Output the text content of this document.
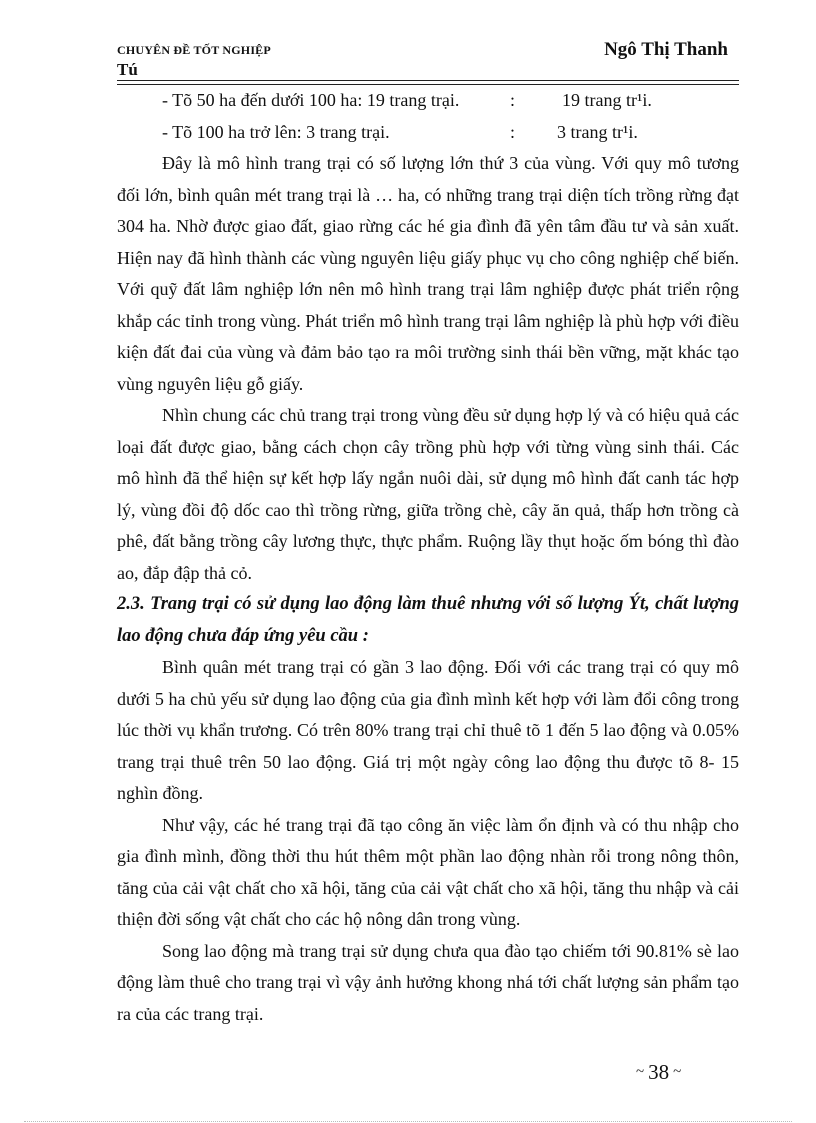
CHUYÊN ĐỀ TỐT NGHIỆP
Tú
Ngô Thị Thanh
- Tõ 50 ha đến dưới 100 ha: 19 trang trại.	:	19 trang tr¹i.
- Tõ 100 ha trở lên: 3 trang trại.	: 3 trang tr¹i.

Đây là mô hình trang trại có số lượng lớn thứ 3 của vùng. Với quy mô tương đối lớn, bình quân mét trang trại là … ha, có những trang trại diện tích trồng rừng đạt 304 ha. Nhờ được giao đất, giao rừng các hé gia đình đã yên tâm đầu tư và sản xuất. Hiện nay đã hình thành các vùng nguyên liệu giấy phục vụ cho công nghiệp chế biến. Với quỹ đất lâm nghiệp lớn nên mô hình trang trại lâm nghiệp được phát triển rộng khắp các tỉnh trong vùng. Phát triển mô hình trang trại lâm nghiệp là phù hợp với điều kiện đất đai của vùng và đảm bảo tạo ra môi trường sinh thái bền vững, mặt khác tạo vùng nguyên liệu gỗ giấy.

Nhìn chung các chủ trang trại trong vùng đều sử dụng hợp lý và có hiệu quả các loại đất được giao, bằng cách chọn cây trồng phù hợp với từng vùng sinh thái. Các mô hình đã thể hiện sự kết hợp lấy ngắn nuôi dài, sử dụng mô hình đất canh tác hợp lý, vùng đồi độ dốc cao thì trồng rừng, giữa trồng chè, cây ăn quả, thấp hơn trồng cà phê, đất bằng trồng cây lương thực, thực phẩm. Ruộng lầy thụt hoặc ốm bóng thì đào ao, đắp đập thả cỏ.

2.3. Trang trại có sử dụng lao động làm thuê nhưng với số lượng Ýt, chất lượng lao động chưa đáp ứng yêu cầu :

Bình quân mét trang trại có gần 3 lao động. Đối với các trang trại có quy mô dưới 5 ha chủ yếu sử dụng lao động của gia đình mình kết hợp với làm đổi công trong lúc thời vụ khẩn trương. Có trên 80% trang trại chỉ thuê tõ 1 đến 5 lao động và 0.05% trang trại thuê trên 50 lao động. Giá trị một ngày công lao động thu được tõ 8- 15 nghìn đồng.

Như vậy, các hé trang trại đã tạo công ăn việc làm ổn định và có thu nhập cho gia đình mình, đồng thời thu hút thêm một phần lao động nhàn rỗi trong nông thôn, tăng của cải vật chất cho xã hội, tăng của cải vật chất cho xã hội, tăng thu nhập và cải thiện đời sống vật chất cho các hộ nông dân trong vùng.

Song lao động mà trang trại sử dụng chưa qua đào tạo chiếm tới 90.81% sè lao động làm thuê cho trang trại vì vậy ảnh hưởng khong nhá tới chất lượng sản phẩm tạo ra của các trang trại.

~ 38 ~
